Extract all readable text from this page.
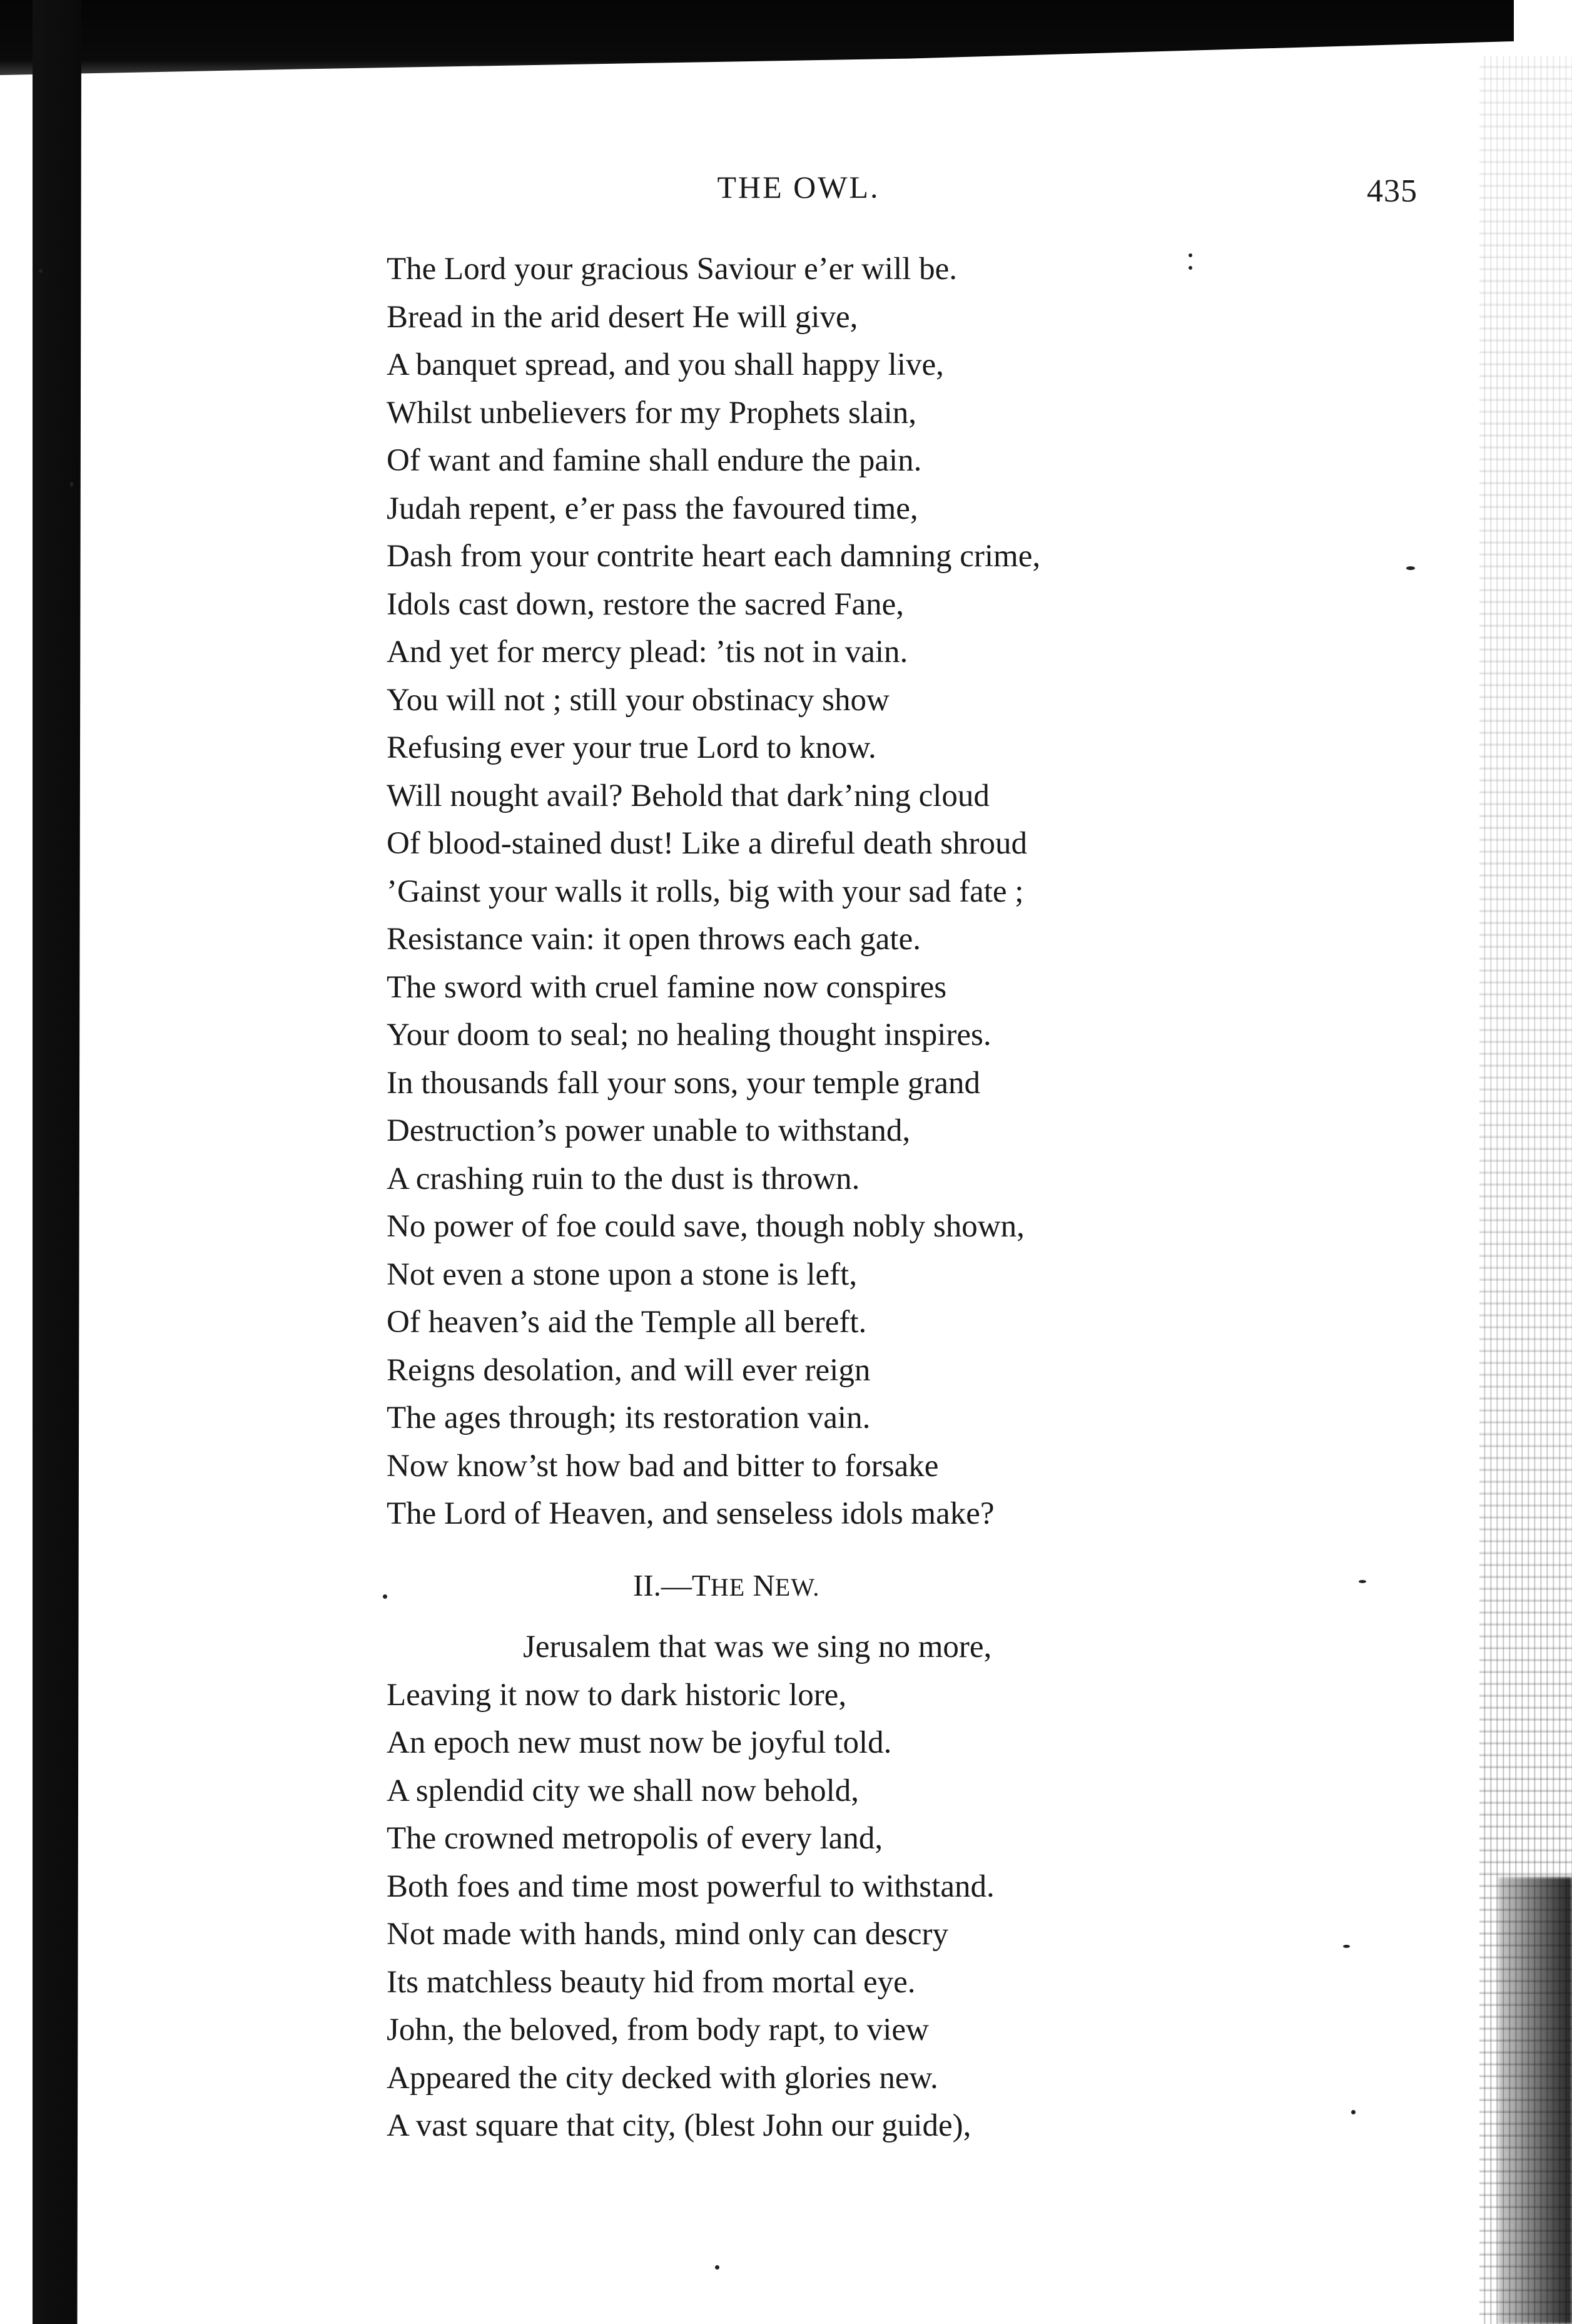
THE OWL.	435
The Lord your gracious Saviour e’er will be.
Bread in the arid desert He will give,
A banquet spread, and you shall happy live,
Whilst unbelievers for my Prophets slain,
Of want and famine shall endure the pain.
Judah repent, e’er pass the favoured time,
Dash from your contrite heart each damning crime,
Idols cast down, restore the sacred Fane,
And yet for mercy plead: ’tis not in vain.
You will not ; still your obstinacy show
Refusing ever your true Lord to know.
Will nought avail? Behold that dark’ning cloud
Of blood-stained dust! Like a direful death shroud
’Gainst your walls it rolls, big with your sad fate ;
Resistance vain: it open throws each gate.
The sword with cruel famine now conspires
Your doom to seal; no healing thought inspires.
In thousands fall your sons, your temple grand
Destruction’s power unable to withstand,
A crashing ruin to the dust is thrown.
No power of foe could save, though nobly shown,
Not even a stone upon a stone is left,
Of heaven’s aid the Temple all bereft.
Reigns desolation, and will ever reign
The ages through; its restoration vain.
Now know’st how bad and bitter to forsake
The Lord of Heaven, and senseless idols make?
II.—THE NEW.
Jerusalem that was we sing no more,
Leaving it now to dark historic lore,
An epoch new must now be joyful told.
A splendid city we shall now behold,
The crowned metropolis of every land,
Both foes and time most powerful to withstand.
Not made with hands, mind only can descry
Its matchless beauty hid from mortal eye.
John, the beloved, from body rapt, to view
Appeared the city decked with glories new.
A vast square that city, (blest John our guide),
